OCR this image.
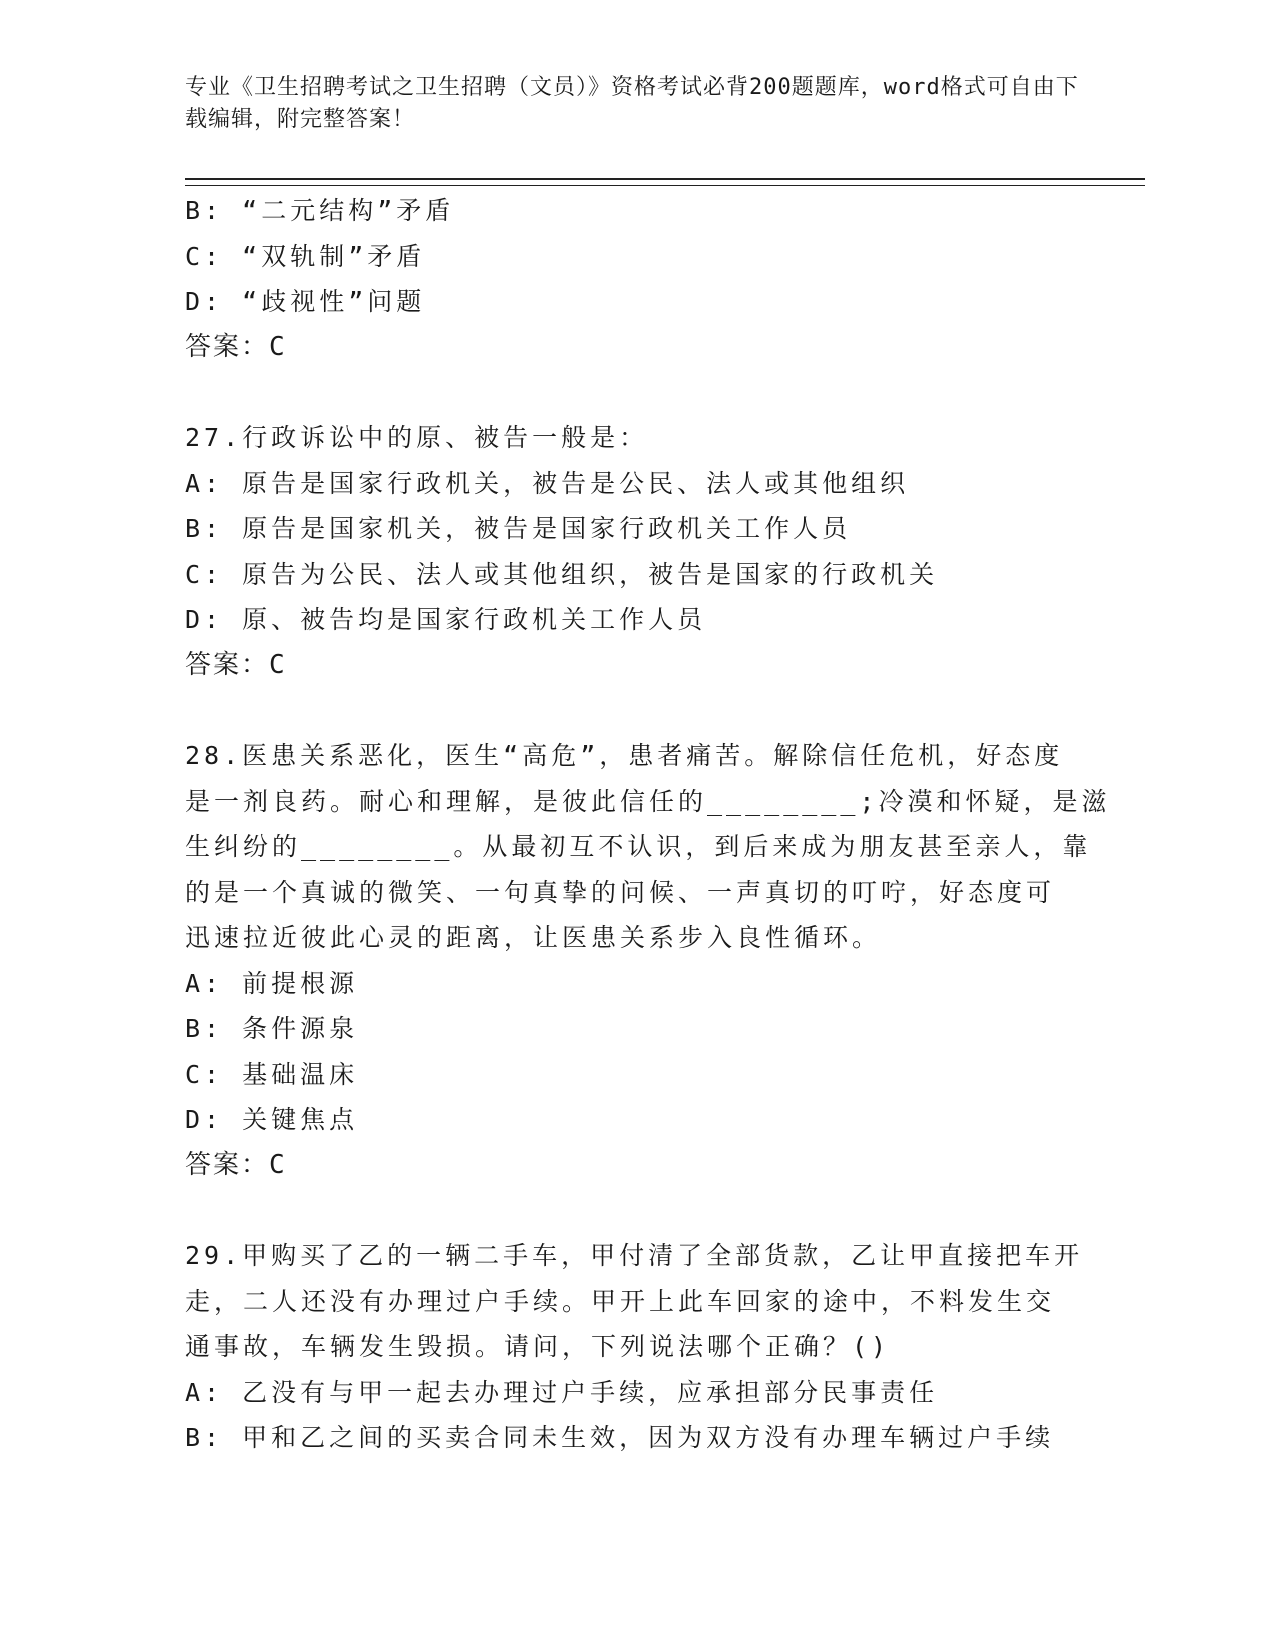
专业《卫生招聘考试之卫生招聘（文员）》资格考试必背200题题库，word格式可自由下载编辑，附完整答案！
B: “二元结构”矛盾
C: “双轨制”矛盾
D: “歧视性”问题
答案：C
27.行政诉讼中的原、被告一般是：
A: 原告是国家行政机关，被告是公民、法人或其他组织
B: 原告是国家机关，被告是国家行政机关工作人员
C: 原告为公民、法人或其他组织，被告是国家的行政机关
D: 原、被告均是国家行政机关工作人员
答案：C
28.医患关系恶化，医生“高危”，患者痛苦。解除信任危机，好态度
是一剂良药。耐心和理解，是彼此信任的________;冷漠和怀疑，是滋
生纠纷的________。从最初互不认识，到后来成为朋友甚至亲人，靠
的是一个真诚的微笑、一句真挚的问候、一声真切的叮咛，好态度可
迅速拉近彼此心灵的距离，让医患关系步入良性循环。
A: 前提根源
B: 条件源泉
C: 基础温床
D: 关键焦点
答案：C
29.甲购买了乙的一辆二手车，甲付清了全部货款，乙让甲直接把车开
走，二人还没有办理过户手续。甲开上此车回家的途中，不料发生交
通事故，车辆发生毁损。请问，下列说法哪个正确？()
A: 乙没有与甲一起去办理过户手续，应承担部分民事责任
B: 甲和乙之间的买卖合同未生效，因为双方没有办理车辆过户手续
